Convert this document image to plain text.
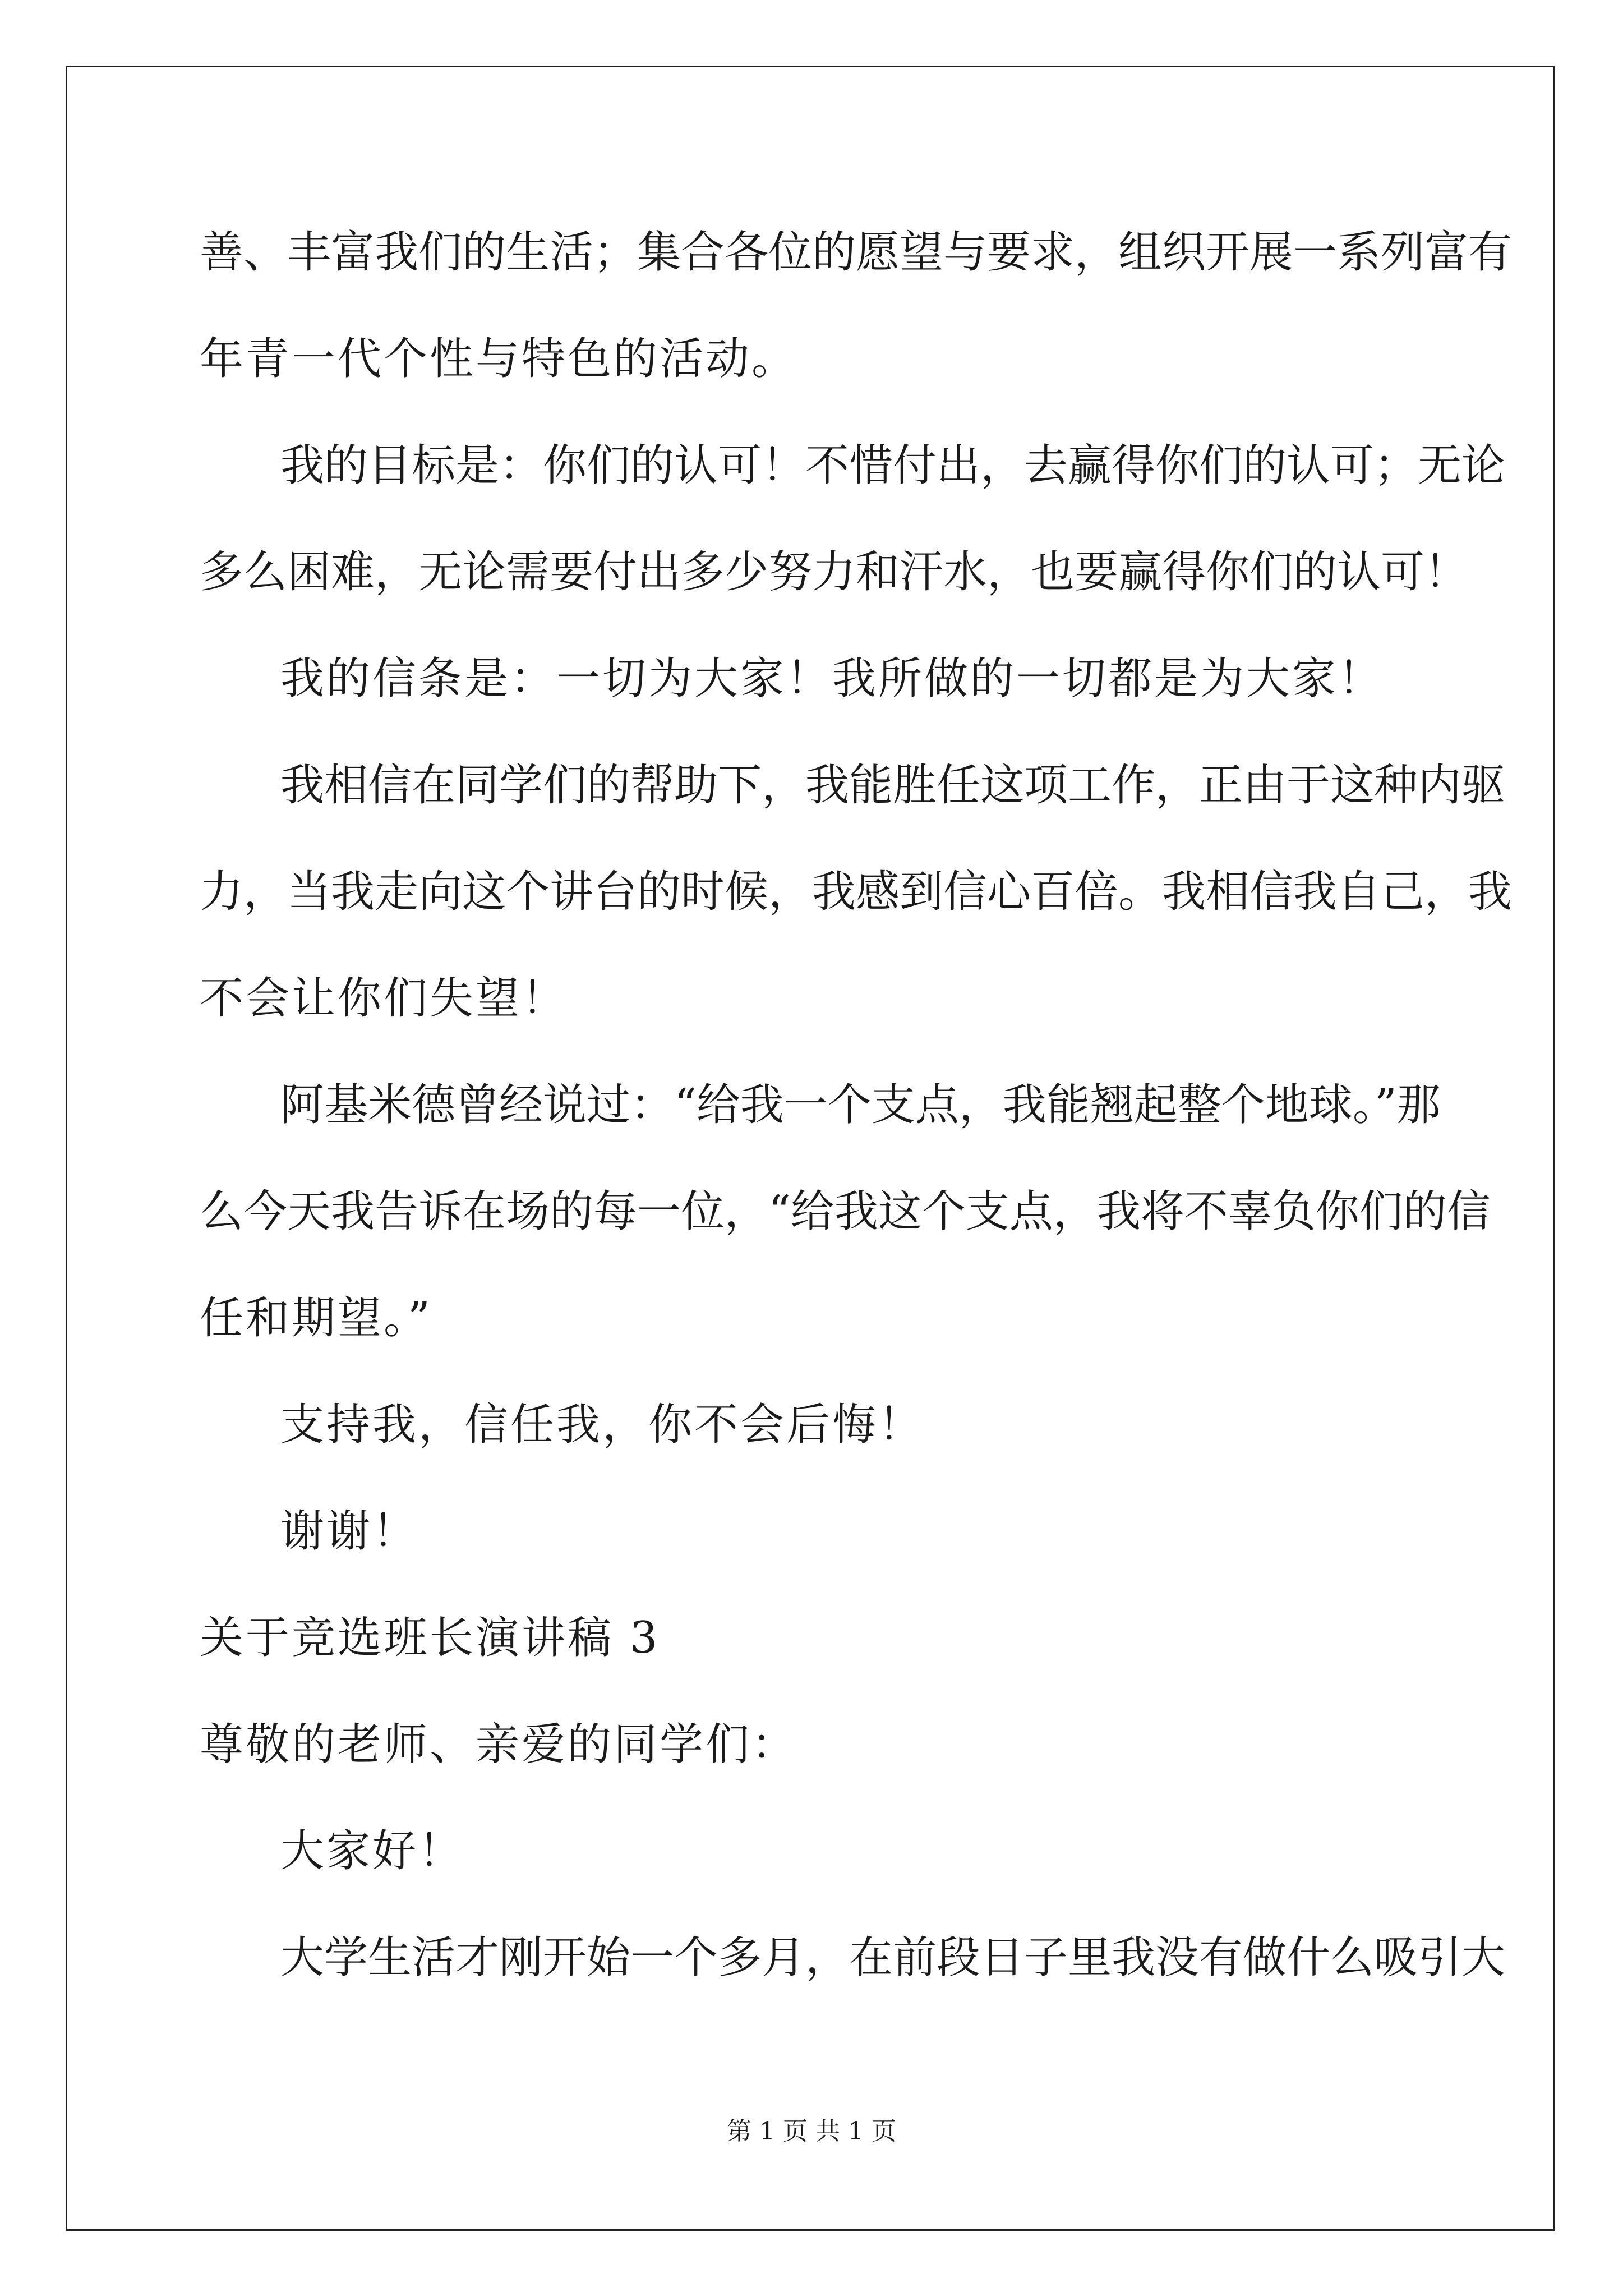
善、丰富我们的生活；集合各位的愿望与要求，组织开展一系列富有
年青一代个性与特色的活动。
我的目标是：你们的认可！不惜付出，去赢得你们的认可；无论
多么困难，无论需要付出多少努力和汗水，也要赢得你们的认可！
我的信条是：一切为大家！我所做的一切都是为大家！
我相信在同学们的帮助下，我能胜任这项工作，正由于这种内驱
力，当我走向这个讲台的时候，我感到信心百倍。我相信我自己，我
不会让你们失望！
阿基米德曾经说过：“给我一个支点，我能翘起整个地球。”那
么今天我告诉在场的每一位，“给我这个支点，我将不辜负你们的信
任和期望。”
支持我，信任我，你不会后悔！
谢谢！
关于竞选班长演讲稿 3
尊敬的老师、亲爱的同学们：
大家好！
大学生活才刚开始一个多月，在前段日子里我没有做什么吸引大
第 1 页 共 1 页
